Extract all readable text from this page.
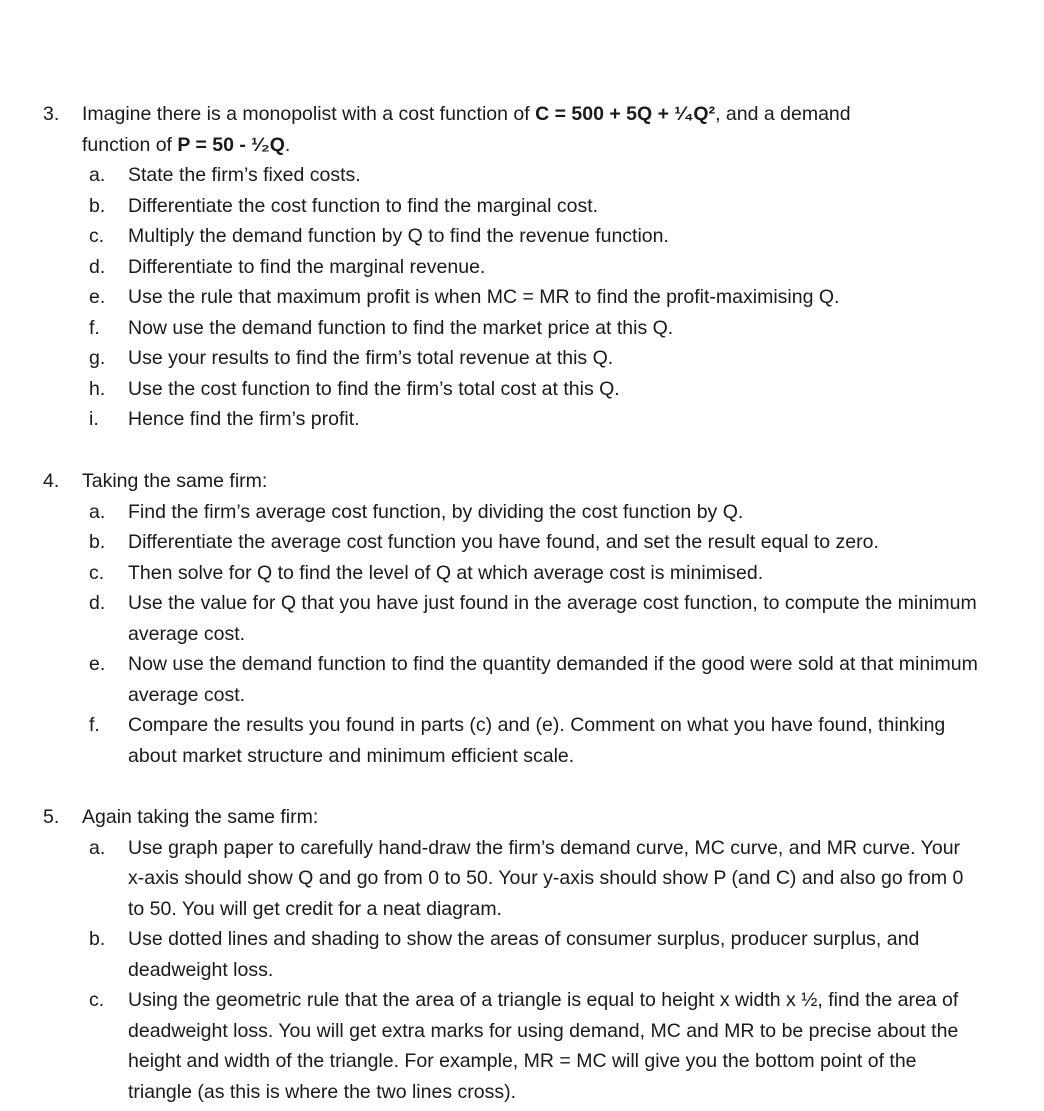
3. Imagine there is a monopolist with a cost function of C = 500 + 5Q + ¹⁄₄Q², and a demand
function of P = 50 - ¹⁄₂Q.
a. State the firm’s fixed costs.
b. Differentiate the cost function to find the marginal cost.
c. Multiply the demand function by Q to find the revenue function.
d. Differentiate to find the marginal revenue.
e. Use the rule that maximum profit is when MC = MR to find the profit-maximising Q.
f. Now use the demand function to find the market price at this Q.
g. Use your results to find the firm’s total revenue at this Q.
h. Use the cost function to find the firm’s total cost at this Q.
i. Hence find the firm’s profit.
4. Taking the same firm:
a. Find the firm’s average cost function, by dividing the cost function by Q.
b. Differentiate the average cost function you have found, and set the result equal to zero.
c. Then solve for Q to find the level of Q at which average cost is minimised.
d. Use the value for Q that you have just found in the average cost function, to compute the minimum average cost.
e. Now use the demand function to find the quantity demanded if the good were sold at that minimum average cost.
f. Compare the results you found in parts (c) and (e). Comment on what you have found, thinking about market structure and minimum efficient scale.
5. Again taking the same firm:
a. Use graph paper to carefully hand-draw the firm’s demand curve, MC curve, and MR curve. Your x-axis should show Q and go from 0 to 50. Your y-axis should show P (and C) and also go from 0 to 50. You will get credit for a neat diagram.
b. Use dotted lines and shading to show the areas of consumer surplus, producer surplus, and deadweight loss.
c. Using the geometric rule that the area of a triangle is equal to height x width x ½, find the area of deadweight loss. You will get extra marks for using demand, MC and MR to be precise about the height and width of the triangle. For example, MR = MC will give you the bottom point of the triangle (as this is where the two lines cross).
